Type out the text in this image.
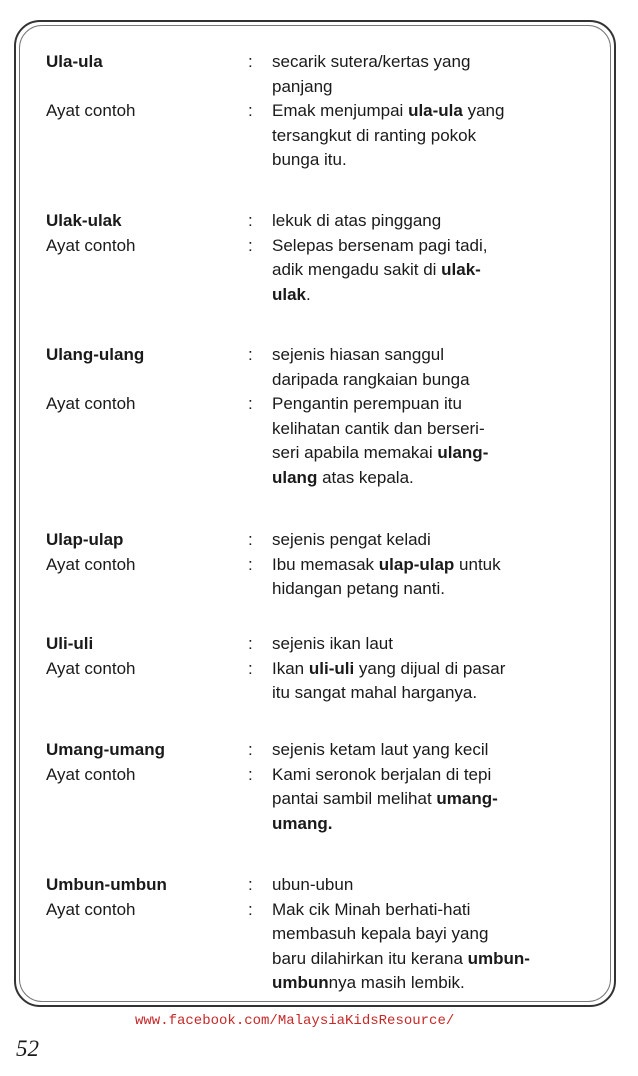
Ula-ula	: secarik sutera/kertas yang
panjang
Ayat contoh	: Emak menjumpai ula-ula yang
tersangkut di ranting pokok
bunga itu.
Ulak-ulak	: lekuk di atas pinggang
Ayat contoh	: Selepas bersenam pagi tadi,
adik mengadu sakit di ulak-
ulak.
Ulang-ulang	: sejenis hiasan sanggul
daripada rangkaian bunga
Ayat contoh	: Pengantin perempuan itu
kelihatan cantik dan berseri-
seri apabila memakai ulang-
ulang atas kepala.
Ulap-ulap	: sejenis pengat keladi
Ayat contoh	: Ibu memasak ulap-ulap untuk
hidangan petang nanti.
Uli-uli	: sejenis ikan laut
Ayat contoh	: Ikan uli-uli yang dijual di pasar
itu sangat mahal harganya.
Umang-umang	: sejenis ketam laut yang kecil
Ayat contoh	: Kami seronok berjalan di tepi
pantai sambil melihat umang-
umang.
Umbun-umbun	: ubun-ubun
Ayat contoh	: Mak cik Minah berhati-hati
membasuh kepala bayi yang
baru dilahirkan itu kerana umbun-
umbunnya masih lembik.
www.facebook.com/MalaysiaKidsResource/
52
